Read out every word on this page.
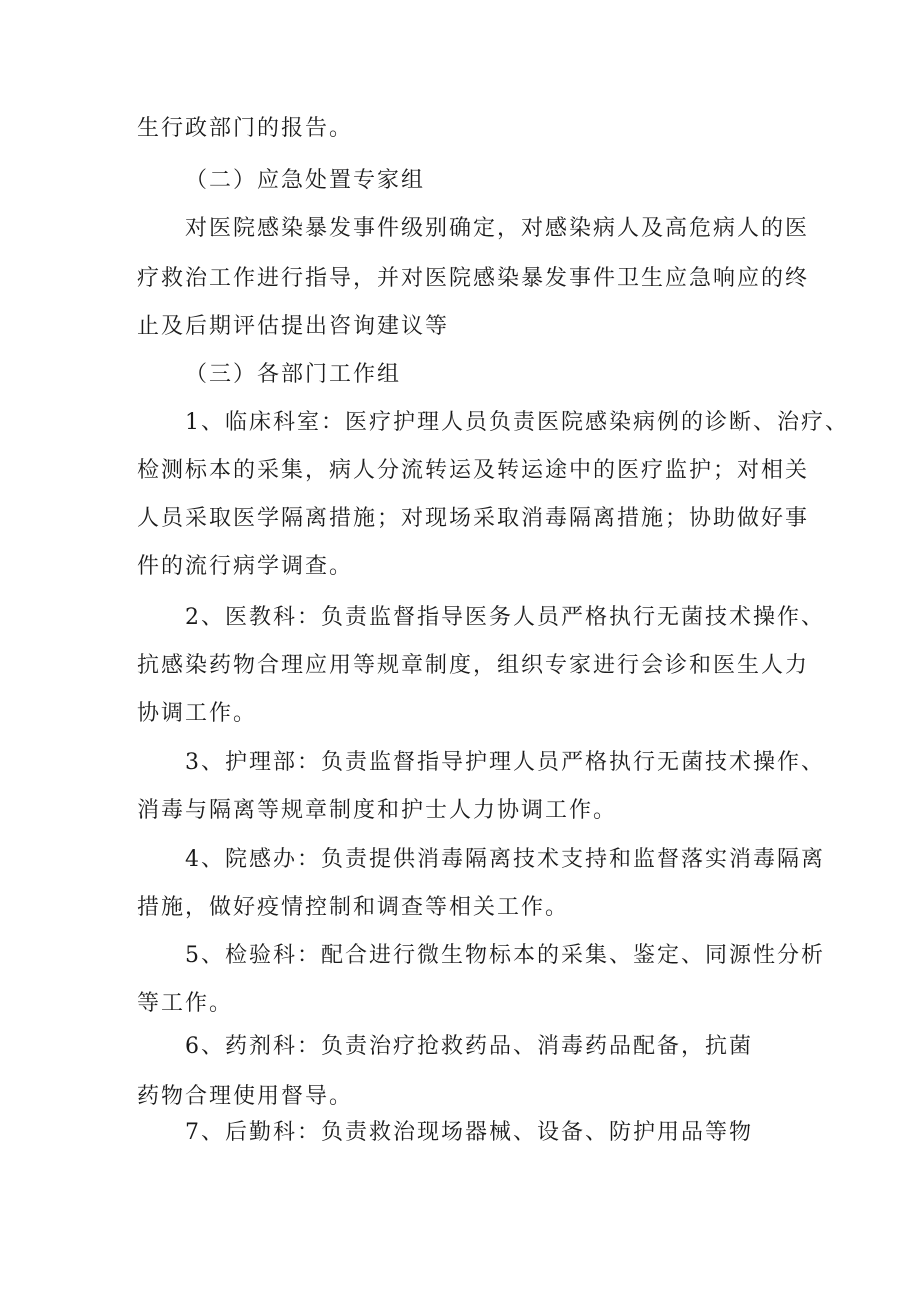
生行政部门的报告。
（二）应急处置专家组
对医院感染暴发事件级别确定，对感染病人及高危病人的医
疗救治工作进行指导，并对医院感染暴发事件卫生应急响应的终
止及后期评估提出咨询建议等
（三）各部门工作组
1、临床科室：医疗护理人员负责医院感染病例的诊断、治疗、
检测标本的采集，病人分流转运及转运途中的医疗监护；对相关
人员采取医学隔离措施；对现场采取消毒隔离措施；协助做好事
件的流行病学调查。
2、医教科：负责监督指导医务人员严格执行无菌技术操作、
抗感染药物合理应用等规章制度，组织专家进行会诊和医生人力
协调工作。
3、护理部：负责监督指导护理人员严格执行无菌技术操作、
消毒与隔离等规章制度和护士人力协调工作。
4、院感办：负责提供消毒隔离技术支持和监督落实消毒隔离
措施，做好疫情控制和调查等相关工作。
5、检验科：配合进行微生物标本的采集、鉴定、同源性分析
等工作。
6、药剂科：负责治疗抢救药品、消毒药品配备，抗菌
药物合理使用督导。
7、后勤科：负责救治现场器械、设备、防护用品等物
